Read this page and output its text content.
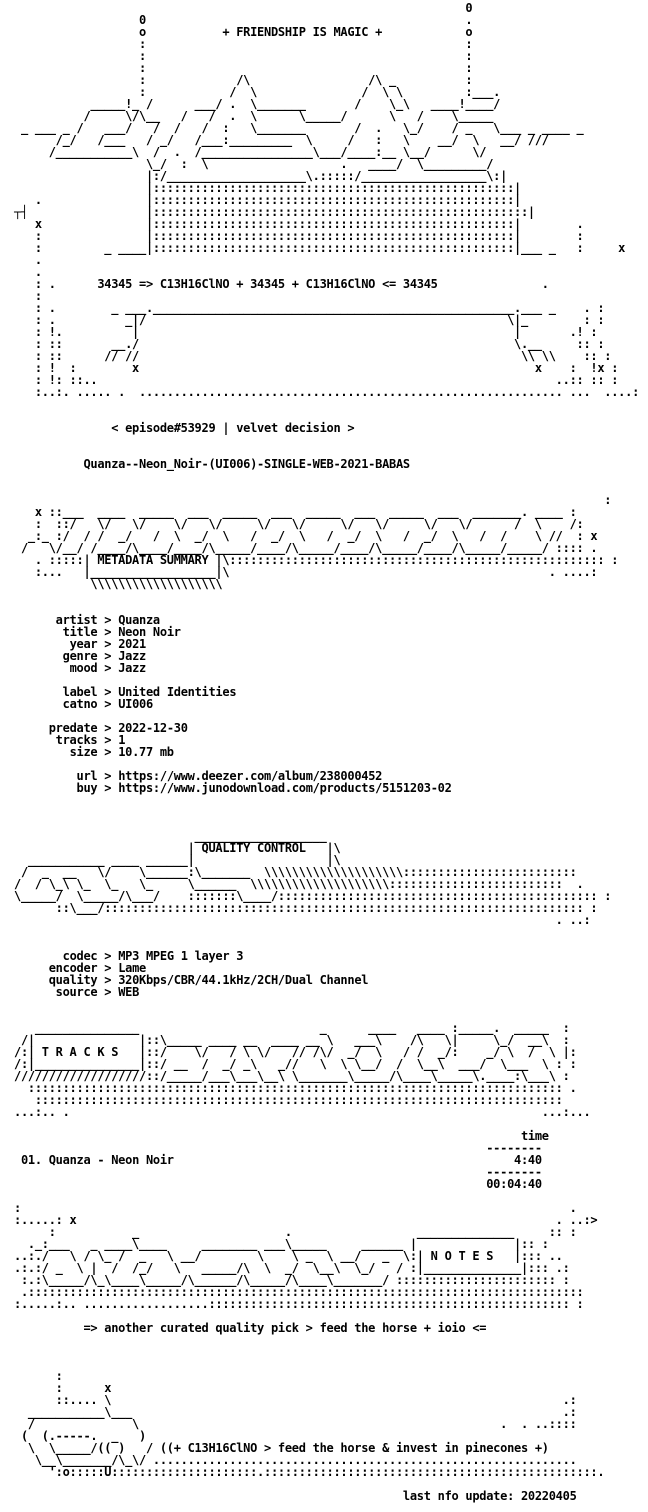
0
0                                              .
o           + FRIENDSHIP IS MAGIC +            o
:                                              :
:                                              :
:                                              :
:             /\                 /\ _          :
:            /  \               /  \ \         :___.
_____!_ /      ___/ .  \_______       /    \_\   ____!____/
/     \/\__   /   /  .  \      \_____/      \   /    \_____
_ ___ _ /   ___/   /  /   /  :   \_______       /  .   \_/    / _   \___ _ ____ _
/_/   /___   / _/   /___:_________  \     /   :   \    __/  \   __/ ///
/___________\  /  .  /________________\___/____:__ \__/      \/
\_/  :  \                   .   ____/  \_________/
|:/____________________\.:::::/__________________\:|
|::::::::::::::::::::::::::::::::::::::::::::::::::::|
.               |::::::::::::::::::::::::::::::::::::::::::::::::::::|
┬┤                 |::::::::::::::::::::::::::::::::::::::::::::::::::::::|
x               |::::::::::::::::::::::::::::::::::::::::::::::::::::|        .
:               |::::::::::::::::::::::::::::::::::::::::::::::::::::|        :
:         _ ____|::::::::::::::::::::::::::::::::::::::::::::::::::::|___ _   :     x
.
.
: .      34345 => C13H16ClNO + 34345 + C13H16ClNO <= 34345               .
:
: .        _ ___.____________________________________________________.___ _    . :
: .          _|/                                                    \|_        : :
: !.          |                                                      |       .! :
: ::       __./                                                      \.__     :: :
: ::      // //                                                       \\ \\    :: :
: !  :        x                                                         x    :  !x :
: !: ::..                                                                  ..:: :: :
:..:. ..... .  ............................................................. ...  ....:

< episode#53929 | velvet decision >

Quanza--Neon_Noir-(UI006)-SINGLE-WEB-2021-BABAS

:
x ::___  ____  _____  ___  _____  ___  _____  ___  _____  ___  _______. ____ :
:  ::/   \/   \/    \/   \/     \/   \/     \/   \/     \/   \/      /  \    /:
_:_ :/  / /  _/   /  \  _/  \   /  _/  \   /  _/  \   /  _/  \   /  /    \ //  : x
/   \/__/ /____/\____/____/\_____/____/\_____/____/\_____/____/\_____/_____/ :::: .
. :::::| METADATA SUMMARY |\:::::::::::::::::::::::::::::::::::::::::::::::::::::: :
:...   |__________________|\                                              . ....:
\\\\\\\\\\\\\\\\\\\

artist > Quanza
title > Neon Noir
year > 2021
genre > Jazz
mood > Jazz

label > United Identities
catno > UI006

predate > 2022-12-30
tracks > 1
size > 10.77 mb

url > https://www.deezer.com/album/238000452
buy > https://www.junodownload.com/products/5151203-02

___________________
| QUALITY CONTROL   |\
___________ ____ ______|                   |\
/  _  __   \/    \______:\_______  \\\\\\\\\\\\\\\\\\\\:::::::::::::::::::::::::
/  / \_\ \_  \_   \_     \______  \\\\\\\\\\\\\\\\\\\\:::::::::::::::::::::::::  .
\_____/  \_____/\___/    :::::::\____/:::::::::::::::::::::::::::::::::::::::::::::: :
::\___/::::::::::::::::::::::::::::::::::::::::::::::::::::::::::::::::::::: :
. ..:

codec > MP3 MPEG 1 layer 3
encoder > Lame
quality > 320Kbps/CBR/44.1kHz/2CH/Dual Channel
source > WEB

_______________                          _      ____   ____ :_____.  _____  :
/|               |::\_____ ____ __  ____ __ \   ___\    /\   \|     \_/  __\  :
/:| T R A C K S   |::/    \/   / \ \/   // /\/  _/  \   / /  _/:    _/ \  /  \ |:
/:|_______________|::/ __  /  _/ _\   _//   \  \ \__/  /  \__\  ___/  \___  \ : :
///////////////////::/_____/___\___\__\ \_______\_____/\____\_____\.____:\___\ :
::::::::::::::::::::::::::::::::::::::::::::::::::::::::::::::::::::::::::::: .
::::::::::::::::::::::::::::::::::::::::::::::::::::::::::::::::::::::::::::
...:.. .                                                                    ...:...

time
--------
01. Quanza - Neon Noir	4:40
--------
00:04:40

:                                                                               .
:.....: x                                                                     . ..:>
:           _                     .                  ______________     :: :
._:___   _ ____\____     ________ ___\_____     ______ |              |:: :
..:./   \ / \_ /  _   \ __/        \    \ _  \ __/   _  \:| N O T E S   |::: ..
.:.:/ _  \ |  /  /_/   \   _____/\  \  _/  \__\  \_/   / :|______________|::: .:
:.:\_____/\_\____\_____/\______/\_____/\____\_______/ ::::::::::::::::::::::: :
.::::::::::::::::::::::::::::::::::::::::::::::::::::::::::::::::::::::::::::::::
:.....:.. ..................:::::::::::::::::::::::::::::::::::::::::::::::::::: :

=> another curated quality pick > feed the horse + ioio <=

:
:      x
::.... \                                                                 .:
___________\___                                                              .:
/              \                                                    .  . ..::::
(  (.-----.  _   )
\  \_____/(( )   / ((+ C13H16ClNO > feed the horse & invest in pinecones +)
\__\_______/\_\/ .............................................................
':o:::::U:::::::::::::::::::::.::::::::::::::::::::::::::::::::::::::::::::::::.

last nfo update: 20220405
